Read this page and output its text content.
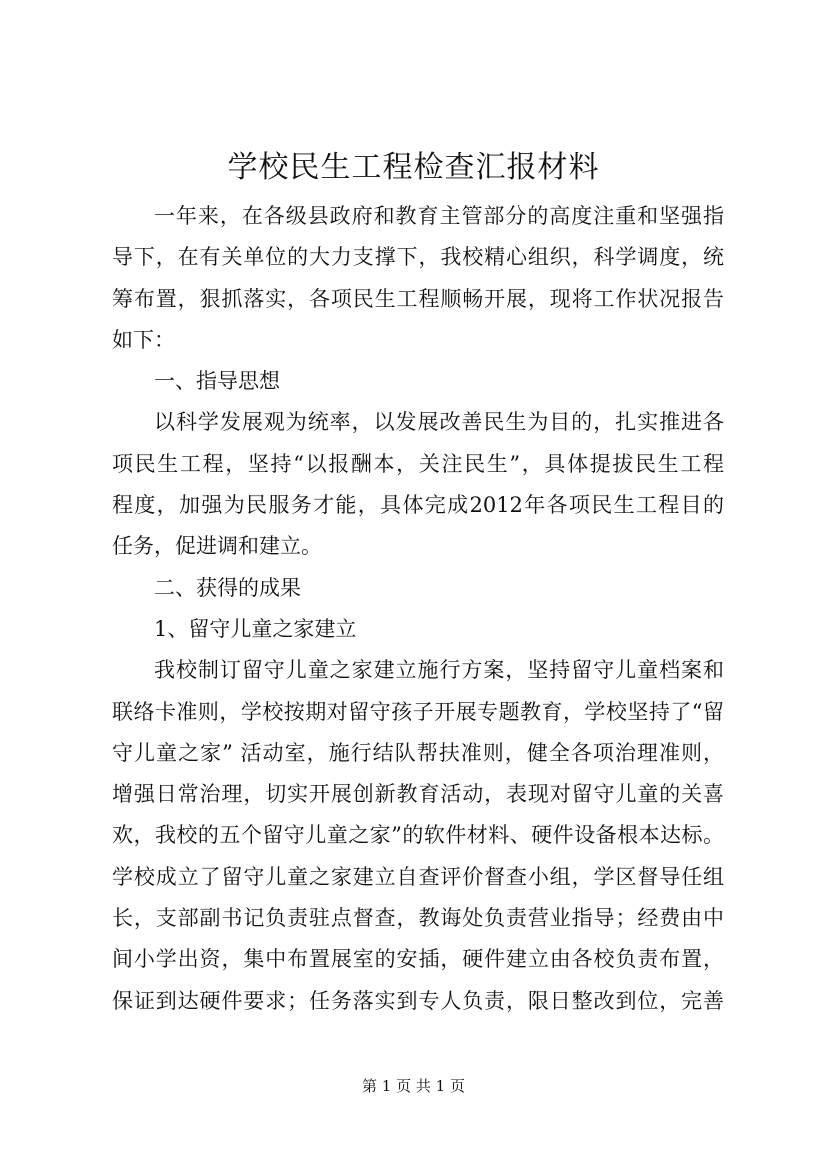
学校民生工程检查汇报材料
一年来，在各级县政府和教育主管部分的高度注重和坚强指
导下，在有关单位的大力支撑下，我校精心组织，科学调度，统
筹布置，狠抓落实，各项民生工程顺畅开展，现将工作状况报告
如下：
一、指导思想
以科学发展观为统率，以发展改善民生为目的，扎实推进各
项民生工程，坚持“以报酬本，关注民生”，具体提拔民生工程
程度，加强为民服务才能，具体完成2012年各项民生工程目的
任务，促进调和建立。
二、获得的成果
1、留守儿童之家建立
我校制订留守儿童之家建立施行方案，坚持留守儿童档案和
联络卡准则，学校按期对留守孩子开展专题教育，学校坚持了“留
守儿童之家” 活动室，施行结队帮扶准则，健全各项治理准则，
增强日常治理，切实开展创新教育活动，表现对留守儿童的关喜
欢，我校的五个留守儿童之家”的软件材料、硬件设备根本达标。
学校成立了留守儿童之家建立自查评价督查小组，学区督导任组
长，支部副书记负责驻点督查，教诲处负责营业指导；经费由中
间小学出资，集中布置展室的安插，硬件建立由各校负责布置，
保证到达硬件要求；任务落实到专人负责，限日整改到位，完善
第 1 页 共 1 页
